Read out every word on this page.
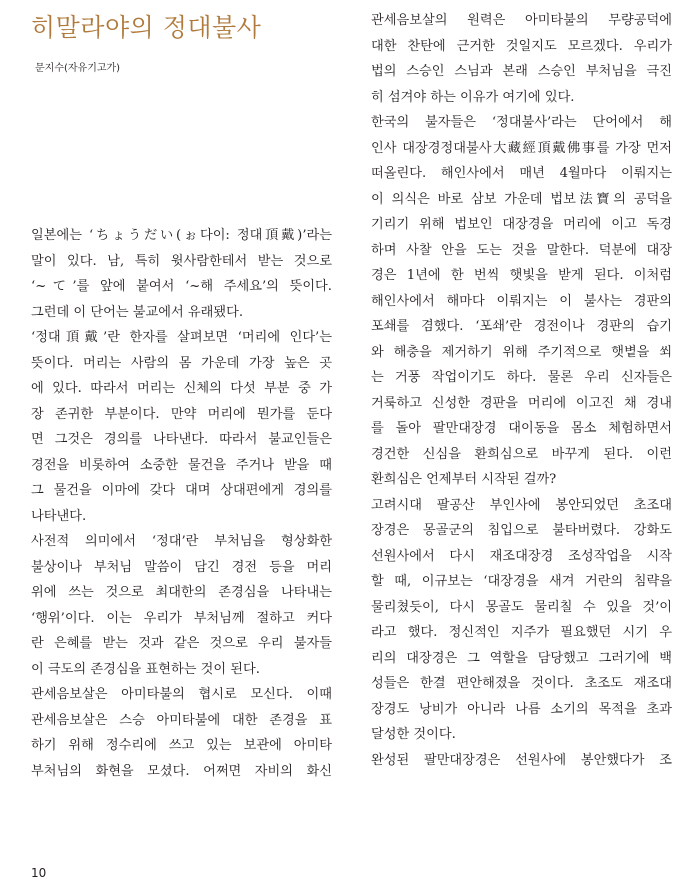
히말라야의 정대불사

문지수(자유기고가)

일본에는 ‘ちょうだい(ぉ다이: 정대頂戴)’라는
말이 있다. 남, 특히 윗사람한테서 받는 것으로
‘~て’를 앞에 붙여서 ‘~해 주세요’의 뜻이다.
그런데 이 단어는 불교에서 유래됐다.
‘정대頂戴’란 한자를 살펴보면 ‘머리에 인다’는
뜻이다. 머리는 사람의 몸 가운데 가장 높은 곳
에 있다. 따라서 머리는 신체의 다섯 부분 중 가
장 존귀한 부분이다. 만약 머리에 뭔가를 둔다
면 그것은 경의를 나타낸다. 따라서 불교인들은
경전을 비롯하여 소중한 물건을 주거나 받을 때
그 물건을 이마에 갖다 대며 상대편에게 경의를
나타낸다.
사전적 의미에서 ‘정대’란 부처님을 형상화한
불상이나 부처님 말씀이 담긴 경전 등을 머리
위에 쓰는 것으로 최대한의 존경심을 나타내는
‘행위’이다. 이는 우리가 부처님께 절하고 커다
란 은혜를 받는 것과 같은 것으로 우리 불자들
이 극도의 존경심을 표현하는 것이 된다.
관세음보살은 아미타불의 협시로 모신다. 이때
관세음보살은 스승 아미타불에 대한 존경을 표
하기 위해 정수리에 쓰고 있는 보관에 아미타
부처님의 화현을 모셨다. 어쩌면 자비의 화신
관세음보살의 원력은 아미타불의 무량공덕에
대한 찬탄에 근거한 것일지도 모르겠다. 우리가
법의 스승인 스님과 본래 스승인 부처님을 극진
히 섬겨야 하는 이유가 여기에 있다.
한국의 불자들은 ‘정대불사’라는 단어에서 해
인사 대장경정대불사大藏經頂戴佛事를 가장 먼저
떠올린다. 해인사에서 매년 4월마다 이뤄지는
이 의식은 바로 삼보 가운데 법보法寶의 공덕을
기리기 위해 법보인 대장경을 머리에 이고 독경
하며 사찰 안을 도는 것을 말한다. 덕분에 대장
경은 1년에 한 번씩 햇빛을 받게 된다. 이처럼
해인사에서 해마다 이뤄지는 이 불사는 경판의
포쇄를 겸했다. ‘포쇄’란 경전이나 경판의 습기
와 해충을 제거하기 위해 주기적으로 햇볕을 쐬
는 거풍 작업이기도 하다. 물론 우리 신자들은
거룩하고 신성한 경판을 머리에 이고진 채 경내
를 돌아 팔만대장경 대이동을 몸소 체험하면서
경건한 신심을 환희심으로 바꾸게 된다. 이런
환희심은 언제부터 시작된 걸까?
고려시대 팔공산 부인사에 봉안되었던 초조대
장경은 몽골군의 침입으로 불타버렸다. 강화도
선원사에서 다시 재조대장경 조성작업을 시작
할 때, 이규보는 ‘대장경을 새겨 거란의 침략을
물리쳤듯이, 다시 몽골도 물리칠 수 있을 것’이
라고 했다. 정신적인 지주가 필요했던 시기 우
리의 대장경은 그 역할을 담당했고 그러기에 백
성들은 한결 편안해졌을 것이다. 초조도 재조대
장경도 낭비가 아니라 나름 소기의 목적을 초과
달성한 것이다.
완성된 팔만대장경은 선원사에 봉안했다가 조
10
